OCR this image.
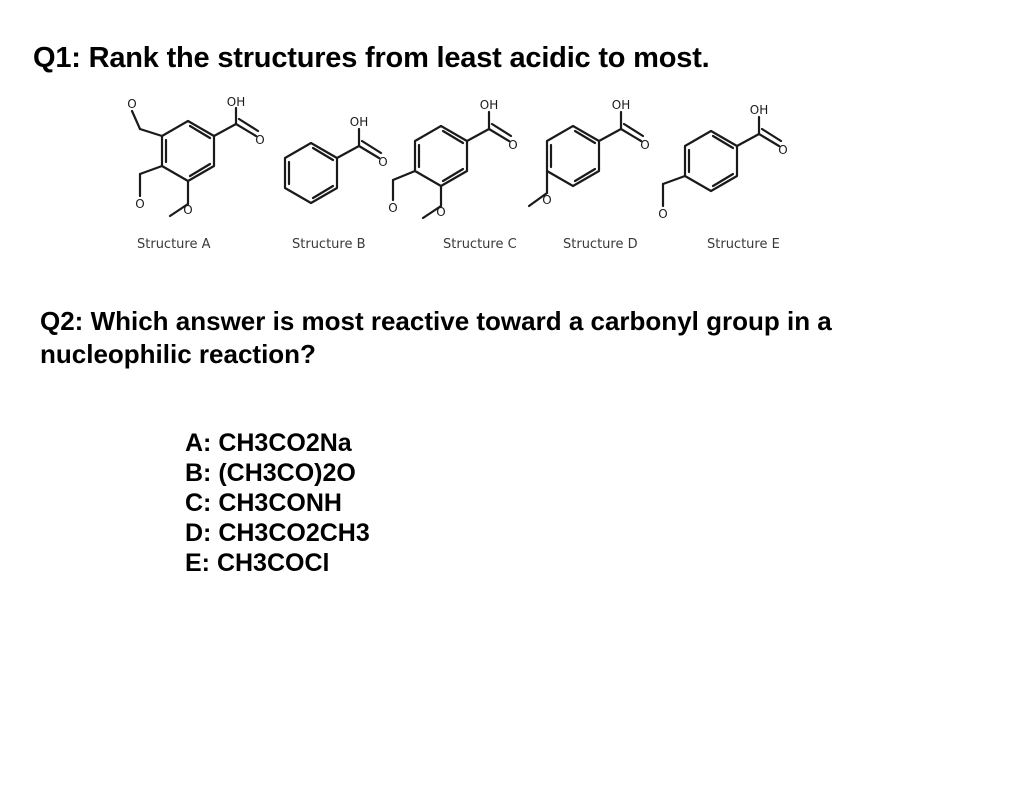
Q1: Rank the structures from least acidic to most.
O
O	O
OH
O
OH
O
O	O
OH
O
O
OH
O
O
OH
O
Structure A	Structure B	Structure C	Structure D	Structure E
Q2: Which answer is most reactive toward a carbonyl group in a nucleophilic reaction?
A: CH3CO2Na
B: (CH3CO)2O
C: CH3CONH
D: CH3CO2CH3
E: CH3COCl
